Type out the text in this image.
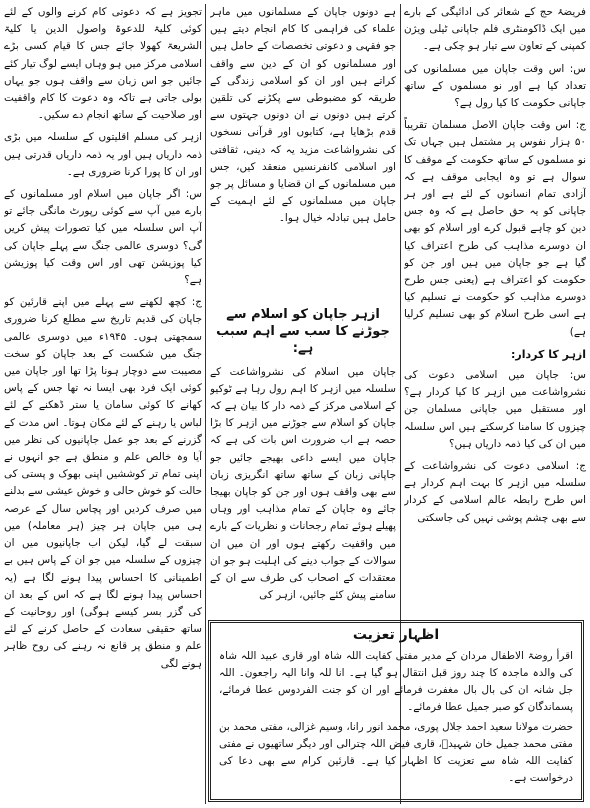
فریضۂ حج کے شعائر کی ادائیگی کے بارے میں ایک ڈاکومنٹری فلم جاپانی ٹیلی ویژن کمپنی کے تعاون سے تیار ہو چکی ہے۔

س: اس وقت جاپان میں مسلمانوں کی تعداد کیا ہے اور نو مسلموں کے ساتھ جاپانی حکومت کا کیا رول ہے؟

ج: اس وقت جاپان الاصل مسلمان تقریباً ۵۰ ہزار نفوس پر مشتمل ہیں جہاں تک نو مسلموں کے ساتھ حکومت کے موقف کا سوال ہے تو وہ ایجابی موقف ہے کہ آزادی تمام انسانوں کے لئے ہے اور ہر جاپانی کو یہ حق حاصل ہے کہ وہ جس دین کو چاہے قبول کرے اور اسلام کو بھی ان دوسرے مذاہب کی طرح اعتراف کیا گیا ہے جو جاپان میں ہیں اور جن کو حکومت کو اعتراف ہے (یعنی جس طرح دوسرے مذاہب کو حکومت نے تسلیم کیا ہے اسی طرح اسلام کو بھی تسلیم کرلیا ہے)

ازہر کا کردار:

س: جاپان میں اسلامی دعوت کی نشرواشاعت میں ازہر کا کیا کردار ہے؟ اور مستقبل میں جاپانی مسلمان جن چیزوں کا سامنا کرسکتے ہیں اس سلسلہ میں ان کی کیا ذمہ داریاں ہیں؟

ج: اسلامی دعوت کی نشرواشاعت کے سلسلہ میں ازہر کا بہت اہم کردار ہے اس طرح رابطہ عالم اسلامی کے کردار سے بھی چشم پوشی نہیں کی جاسکتی

ہے دونوں جاپان کے مسلمانوں میں ماہر علماء کی فراہمی کا کام انجام دیتے ہیں جو فقہی و دعوتی تخصصات کے حامل ہیں اور مسلمانوں کو ان کے دین سے واقف کراتے ہیں اور ان کو اسلامی زندگی کے طریقہ کو مضبوطی سے پکڑنے کی تلقین کرتے ہیں دونوں نے ان دونوں جہتوں سے قدم بڑھایا ہے، کتابوں اور قرآنی نسخوں کی نشرواشاعت مزید یہ کہ دینی، ثقافتی اور اسلامی کانفرنسیں منعقد کیں، جس میں مسلمانوں کے ان قضایا و مسائل پر جو جاپان میں مسلمانوں کے لئے اہمیت کے حامل ہیں تبادلہ خیال ہوا۔

ازہر جاپان کو اسلام سے جوڑنے کا سب سے اہم سبب ہے:

جاپان میں اسلام کی نشرواشاعت کے سلسلہ میں ازہر کا اہم رول رہا ہے ٹوکیو کے اسلامی مرکز کے ذمہ دار کا بیان ہے کہ جاپان کو اسلام سے جوڑنے میں ازہر کا بڑا حصہ ہے اب ضرورت اس بات کی ہے کہ جاپان میں ایسے داعی بھیجے جائیں جو جاپانی زبان کے ساتھ ساتھ انگریزی زبان سے بھی واقف ہوں اور جن کو جاپان بھیجا جائے وہ جاپان کے تمام مذاہب اور وہاں پھیلے ہوئے تمام رجحانات و نظریات کے بارے میں واقفیت رکھتے ہوں اور ان میں ان سوالات کے جواب دینے کی اہلیت ہو جو ان معتقدات کے اصحاب کی طرف سے ان کے سامنے پیش کئے جائیں، ازہر کی

تجویز ہے کہ دعوتی کام کرنے والوں کے لئے کوئی کلیۃ للدعوۃ واصول الدین یا کلیۃ الشریعۃ کھولا جائے جس کا قیام کسی بڑے اسلامی مرکز میں ہو وہاں ایسے لوگ تیار کئے جائیں جو اس زبان سے واقف ہوں جو یہاں بولی جاتی ہے تاکہ وہ دعوت کا کام واقفیت اور صلاحیت کے ساتھ انجام دے سکیں۔

ازہر کی مسلم اقلیتوں کے سلسلہ میں بڑی ذمہ داریاں ہیں اور یہ ذمہ داریاں قدرتی ہیں اور ان کا پورا کرنا ضروری ہے۔

س: اگر جاپان میں اسلام اور مسلمانوں کے بارے میں آپ سے کوئی رپورٹ مانگی جائے تو آپ اس سلسلہ میں کیا تصورات پیش کریں گی؟ دوسری عالمی جنگ سے پہلے جاپان کی کیا پوزیشن تھی اور اس وقت کیا پوزیشن ہے؟

ج: کچھ لکھنے سے پہلے میں اپنے قارئین کو جاپان کی قدیم تاریخ سے مطلع کرنا ضروری سمجھتی ہوں۔ ۱۹۴۵ء میں دوسری عالمی جنگ میں شکست کے بعد جاپان کو سخت مصیبت سے دوچار ہونا پڑا تھا اور جاپان میں کوئی ایک فرد بھی ایسا نہ تھا جس کے پاس کھانے کا کوئی سامان یا ستر ڈھکنے کے لئے لباس یا رہنے کے لئے مکان ہوتا۔ اس مدت کے گزرنے کے بعد جو عمل جاپانیوں کی نظر میں آیا وہ خالص علم و منطق ہے جو انہوں نے اپنی تمام تر کوششیں اپنی بھوک و پستی کی حالت کو خوش حالی و خوش عیشی سے بدلنے میں صرف کردیں اور پچاس سال کے عرصہ ہی میں جاپان ہر چیز (ہر معاملہ) میں سبقت لے گیا، لیکن اب جاپانیوں میں ان چیزوں کے سلسلہ میں جو ان کے پاس ہیں بے اطمینانی کا احساس پیدا ہونے لگا ہے (یہ احساس پیدا ہونے لگا ہے کہ اس کے بعد ان کی گزر بسر کیسے ہوگی) اور روحانیت کے ساتھ حقیقی سعادت کے حاصل کرنے کے لئے علم و منطق پر قانع نہ رہنے کی روح ظاہر ہونے لگی

اظہار تعزیت

اقرأ روضۃ الاطفال مردان کے مدیر مفتی کفایت اللہ شاہ اور قاری عبید اللہ شاہ کی والدہ ماجدہ کا چند روز قبل انتقال ہو گیا ہے۔ انا للہ وانا الیہ راجعون۔ اللہ جل شانہ ان کی بال بال مغفرت فرمائے اور ان کو جنت الفردوس عطا فرمائے، پسماندگان کو صبر جمیل عطا فرمائے۔

حضرت مولانا سعید احمد جلال پوری، محمد انور رانا، وسیم غزالی، مفتی محمد بن مفتی محمد جمیل خان شہیدؒ، قاری فیض اللہ چترالی اور دیگر ساتھیوں نے مفتی کفایت اللہ شاہ سے تعزیت کا اظہار کیا ہے۔ قارئین کرام سے بھی دعا کی درخواست ہے۔
